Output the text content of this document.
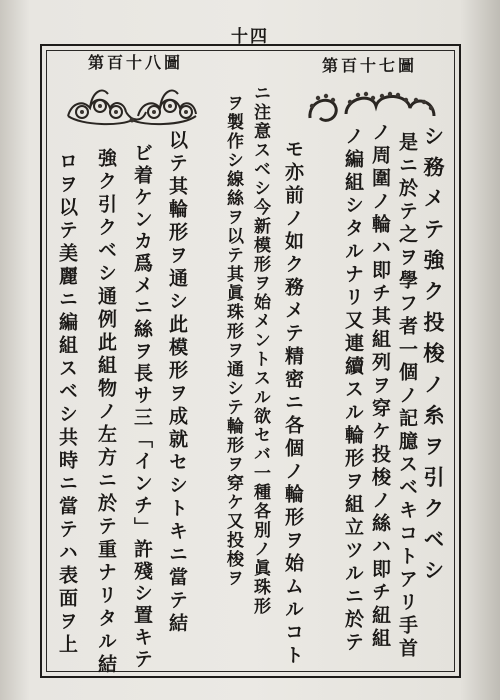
十四
第百十八圖	第百十七圖
シ務メテ強ク投梭ノ糸ヲ引クベシ
是ニ於テ之ヲ學フ者一個ノ記臆スベキコトアリ手首
ノ周圍ノ輪ハ即チ其組列ヲ穿ケ投梭ノ絲ハ即チ紐組
ノ編組シタルナリ又連續スル輪形ヲ組立ツルニ於テ
モ亦前ノ如ク務メテ精密ニ各個ノ輪形ヲ始ムルコト
ニ注意スベシ今新模形ヲ始メントスル欲セバ一種各別ノ眞珠形
ヲ製作シ線絲ヲ以テ其眞珠形ヲ通シテ輪形ヲ穿ケ又投梭ヲ
以テ其輪形ヲ通シ此模形ヲ成就セシトキニ當テ結
ビ着ケンカ爲メニ絲ヲ長サ三「インチ」許殘シ置キテ
強ク引クベシ通例此組物ノ左方ニ於テ重ナリタル結
ロヲ以テ美麗ニ編組スベシ共時ニ當テハ表面ヲ上
